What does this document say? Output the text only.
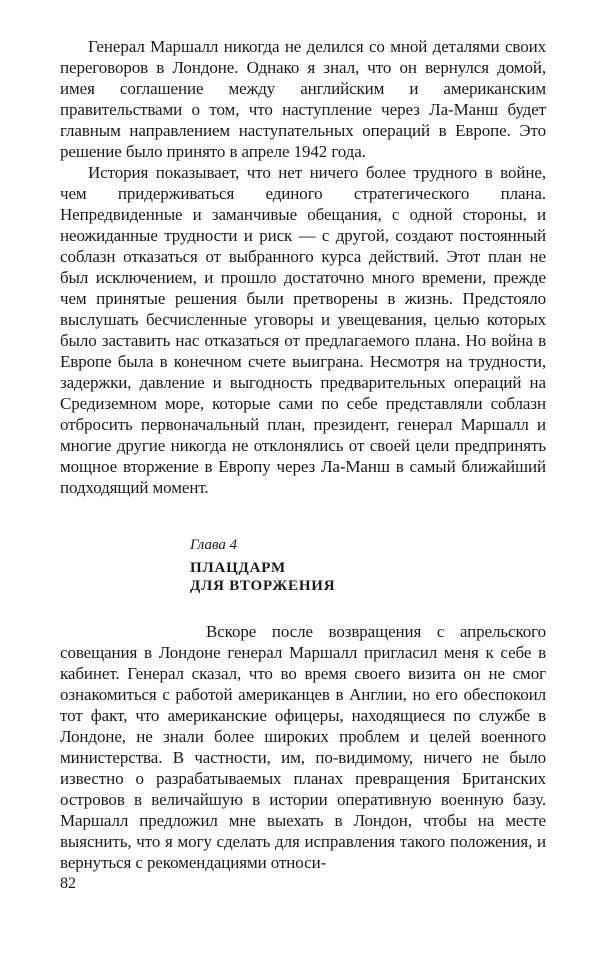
Генерал Маршалл никогда не делился со мной деталями своих переговоров в Лондоне. Однако я знал, что он вернулся домой, имея соглашение между английским и американским правительствами о том, что наступление через Ла-Манш будет главным направлением наступательных операций в Европе. Это решение было принято в апреле 1942 года.

История показывает, что нет ничего более трудного в войне, чем придерживаться единого стратегического плана. Непредвиденные и заманчивые обещания, с одной стороны, и неожиданные трудности и риск — с другой, создают постоянный соблазн отказаться от выбранного курса действий. Этот план не был исключением, и прошло достаточно много времени, прежде чем принятые решения были претворены в жизнь. Предстояло выслушать бесчисленные уговоры и увещевания, целью которых было заставить нас отказаться от предлагаемого плана. Но война в Европе была в конечном счете выиграна. Несмотря на трудности, задержки, давление и выгодность предварительных операций на Средиземном море, которые сами по себе представляли соблазн отбросить первоначальный план, президент, генерал Маршалл и многие другие никогда не отклонялись от своей цели предпринять мощное вторжение в Европу через Ла-Манш в самый ближайший подходящий момент.

Глава 4

ПЛАЦДАРМ
ДЛЯ ВТОРЖЕНИЯ

Вскоре после возвращения с апрельского совещания в Лондоне генерал Маршалл пригласил меня к себе в кабинет. Генерал сказал, что во время своего визита он не смог ознакомиться с работой американцев в Англии, но его обеспокоил тот факт, что американские офицеры, находящиеся по службе в Лондоне, не знали более широких проблем и целей военного министерства. В частности, им, по-видимому, ничего не было известно о разрабатываемых планах превращения Британских островов в величайшую в истории оперативную военную базу. Маршалл предложил мне выехать в Лондон, чтобы на месте выяснить, что я могу сделать для исправления такого положения, и вернуться с рекомендациями относи-

82
